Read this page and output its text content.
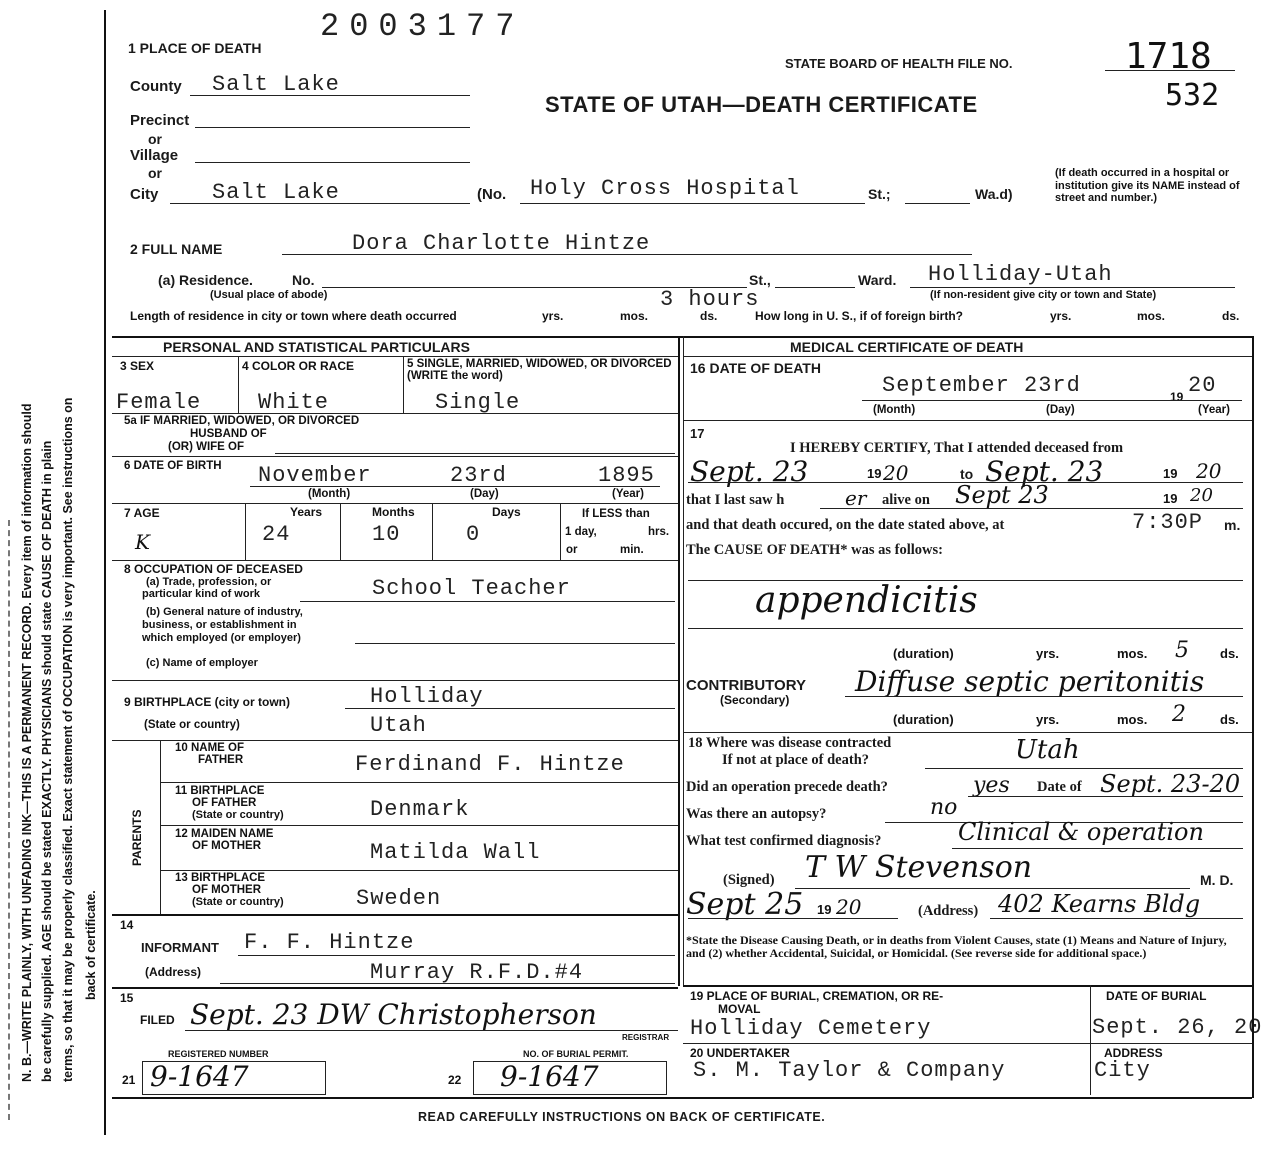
N. B.—WRITE PLAINLY, WITH UNFADING INK—THIS IS A PERMANENT RECORD. Every item of information should be carefully supplied. AGE should be stated EXACTLY. PHYSICIANS should state CAUSE OF DEATH in plain terms, so that it may be properly classified. Exact statement of OCCUPATION is very important. See instructions on back of certificate.
2003177
1 PLACE OF DEATH
STATE BOARD OF HEALTH FILE NO.	1718
532
STATE OF UTAH—DEATH CERTIFICATE
County Salt Lake
Precinct
or
Village
or
City Salt Lake	(No. Holy Cross Hospital	St.;	Wa.d)
(If death occurred in a hospital or institution give its NAME instead of street and number.)
2 FULL NAME	Dora Charlotte Hintze
(a) Residence.	No.	St.,	Ward. Holliday-Utah
(Usual place of abode)	(If non-resident give city or town and State)
3 hours
Length of residence in city or town where death occurred	yrs.	mos.	ds.	How long in U. S., if of foreign birth?	yrs.	mos.	ds.
PERSONAL AND STATISTICAL PARTICULARS
3 SEX	4 COLOR OR RACE	5 SINGLE, MARRIED, WIDOWED, OR DIVORCED (WRITE the word)
Female	White	Single
5a IF MARRIED, WIDOWED, OR DIVORCED
HUSBAND OF
(OR) WIFE OF
6 DATE OF BIRTH November	23rd	1895
(Month)	(Day)	(Year)
7 AGE
K
Years
24
Months
10
Days
0
If LESS than
1 day,	hrs.
or	min.
8 OCCUPATION OF DECEASED
(a) Trade, profession, or
particular kind of work	School Teacher
(b) General nature of industry,
business, or establishment in
which employed (or employer)
(c) Name of employer
9 BIRTHPLACE (city or town)	Holliday
(State or country)	Utah
PARENTS
10 NAME OF
FATHER	Ferdinand F. Hintze
11 BIRTHPLACE
OF FATHER
(State or country)	Denmark
12 MAIDEN NAME
OF MOTHER	Matilda Wall
13 BIRTHPLACE
OF MOTHER
(State or country)	Sweden
14
INFORMANT F. F. Hintze
(Address)	Murray R.F.D.#4
15
FILED Sept. 23 DW Christopherson
REGISTRAR
REGISTERED NUMBER	NO. OF BURIAL PERMIT.
21 9-1647	22 9-1647
MEDICAL CERTIFICATE OF DEATH
16 DATE OF DEATH
September 23rd	19 20
(Month)	(Day)	(Year)
17
I HEREBY CERTIFY, That I attended deceased from
Sept. 23	19 20	to Sept. 23	19 20
that I last saw h	er alive on Sept 23	19 20
and that death occured, on the date stated above, at	7:30P m.
The CAUSE OF DEATH* was as follows:
appendicitis
(duration)	yrs.	mos. 5 ds.
CONTRIBUTORY
(Secondary)
Diffuse septic peritonitis
(duration)	yrs.	mos. 2	ds.
18 Where was disease contracted
If not at place of death?	Utah
Did an operation precede death?	yes Date of Sept. 23-20
Was there an autopsy?	no
What test confirmed diagnosis?	Clinical & operation
(Signed) T W Stevenson	M. D.
Sept 25 19 20	(Address) 402 Kearns Bldg
*State the Disease Causing Death, or in deaths from Violent Causes, state (1) Means and Nature of Injury, and (2) whether Accidental, Suicidal, or Homicidal. (See reverse side for additional space.)
19 PLACE OF BURIAL, CREMATION, OR RE-
MOVAL
Holliday Cemetery
DATE OF BURIAL
Sept. 26, 20
20 UNDERTAKER
S. M. Taylor & Company
ADDRESS
City
READ CAREFULLY INSTRUCTIONS ON BACK OF CERTIFICATE.
